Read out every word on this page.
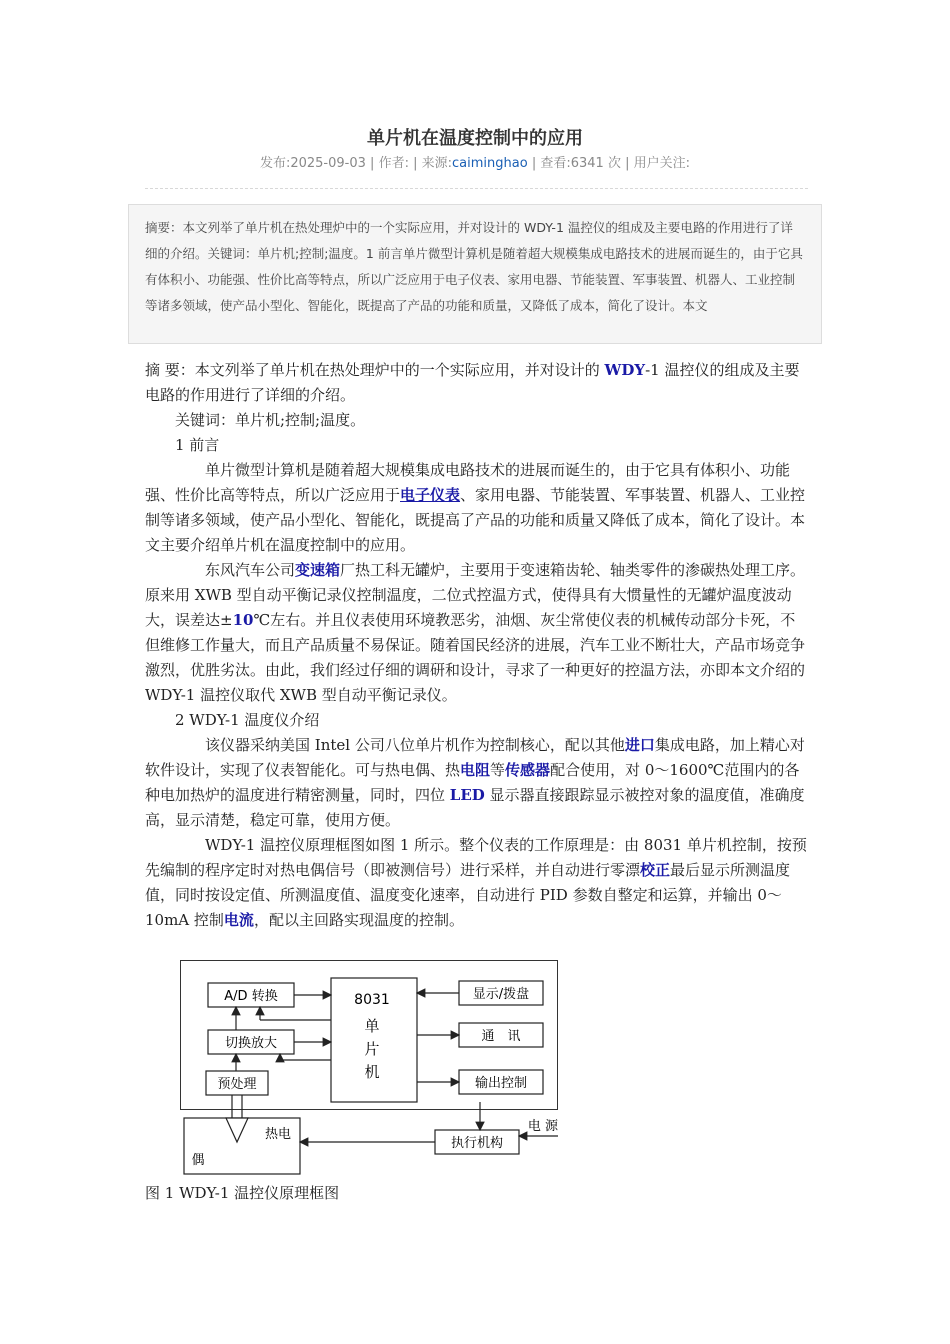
单片机在温度控制中的应用
发布:2025-09-03 | 作者: | 来源:caiminghao | 查看:6341 次 | 用户关注:
摘要：本文列举了单片机在热处理炉中的一个实际应用，并对设计的 WDY-1 温控仪的组成及主要电路的作用进行了详细的介绍。关键词：单片机;控制;温度。1 前言单片微型计算机是随着超大规模集成电路技术的进展而诞生的，由于它具有体积小、功能强、性价比高等特点，所以广泛应用于电子仪表、家用电器、节能装置、军事装置、机器人、工业控制等诸多领域，使产品小型化、智能化，既提高了产品的功能和质量，又降低了成本，简化了设计。本文

摘 要：本文列举了单片机在热处理炉中的一个实际应用，并对设计的 WDY-1 温控仪的组成及主要电路的作用进行了详细的介绍。

关键词：单片机;控制;温度。

1 前言

单片微型计算机是随着超大规模集成电路技术的进展而诞生的，由于它具有体积小、功能强、性价比高等特点，所以广泛应用于电子仪表、家用电器、节能装置、军事装置、机器人、工业控制等诸多领域，使产品小型化、智能化，既提高了产品的功能和质量又降低了成本，简化了设计。本文主要介绍单片机在温度控制中的应用。

东风汽车公司变速箱厂热工科无罐炉，主要用于变速箱齿轮、轴类零件的渗碳热处理工序。原来用 XWB 型自动平衡记录仪控制温度，二位式控温方式，使得具有大惯量性的无罐炉温度波动大，误差达±10℃左右。并且仪表使用环境教恶劣，油烟、灰尘常使仪表的机械传动部分卡死，不但维修工作量大，而且产品质量不易保证。随着国民经济的进展，汽车工业不断壮大，产品市场竞争激烈，优胜劣汰。由此，我们经过仔细的调研和设计，寻求了一种更好的控温方法，亦即本文介绍的 WDY-1 温控仪取代 XWB 型自动平衡记录仪。

2 WDY-1 温度仪介绍

该仪器采纳美国 Intel 公司八位单片机作为控制核心，配以其他进口集成电路，加上精心对软件设计，实现了仪表智能化。可与热电偶、热电阻等传感器配合使用，对 0～1600℃范围内的各种电加热炉的温度进行精密测量，同时，四位 LED 显示器直接跟踪显示被控对象的温度值，准确度高，显示清楚，稳定可靠，使用方便。

WDY-1 温控仪原理框图如图 1 所示。整个仪表的工作原理是：由 8031 单片机控制，按预先编制的程序定时对热电偶信号（即被测信号）进行采样，并自动进行零漂校正最后显示所测温度值，同时按设定值、所测温度值、温度变化速率，自动进行 PID 参数自整定和运算，并输出 0～10mA 控制电流，配以主回路实现温度的控制。

A/D 转换
切换放大
预处理
8031
单
片
机
显示/拨盘
通　讯
输出控制
热电
偶
执行机构
电 源
图 1 WDY-1 温控仪原理框图
